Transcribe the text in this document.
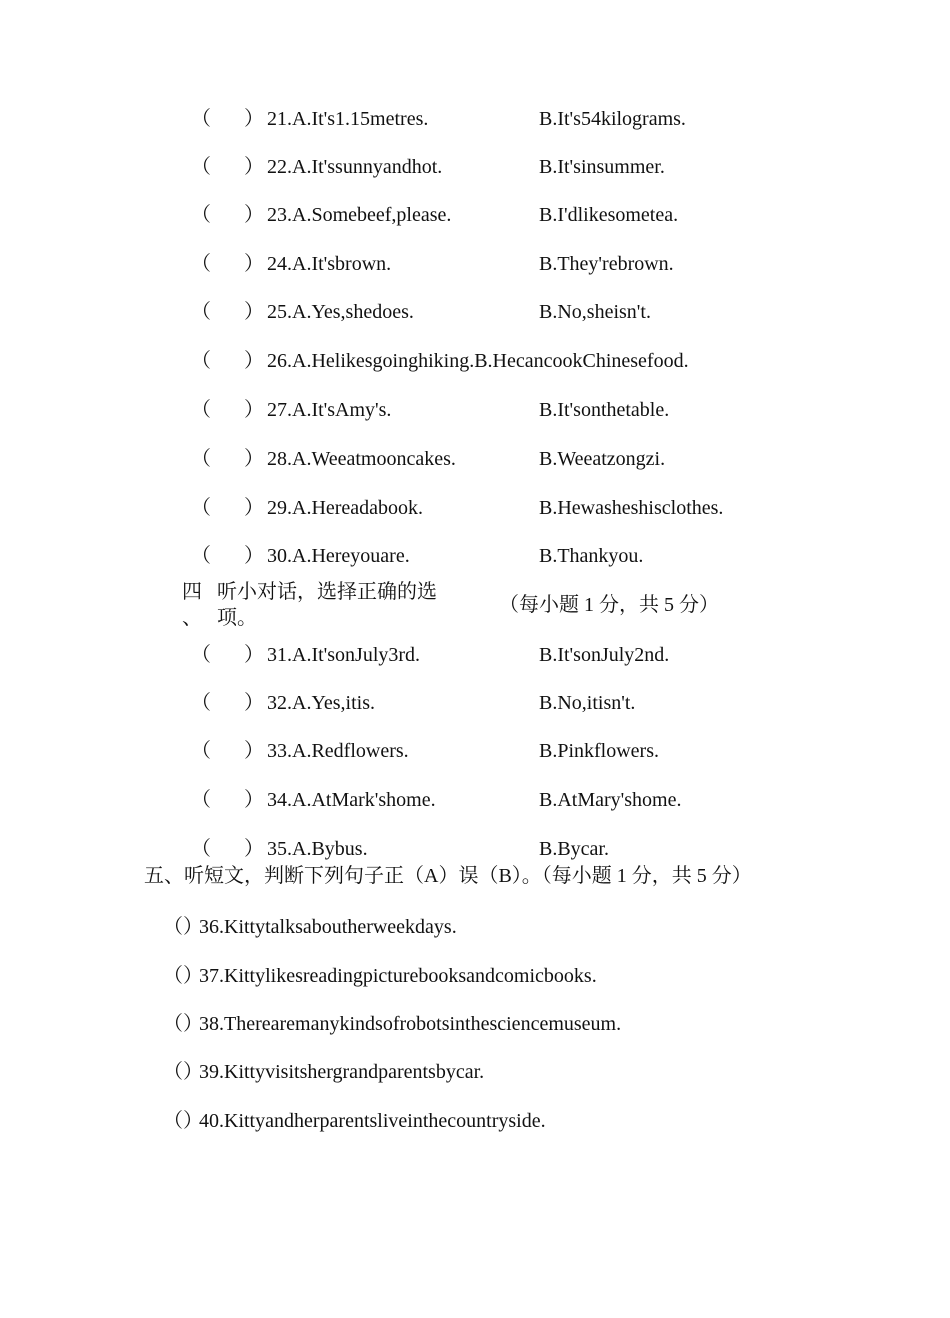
（ ） 21.A.It's1.15metres.	B.It's54kilograms.
（ ） 22.A.It'ssunnyandhot.	B.It'sinsummer.
（ ） 23.A.Somebeef,please.	B.I'dlikesometea.
（ ） 24.A.It'sbrown.	B.They'rebrown.
（ ） 25.A.Yes,shedoes.	B.No,sheisn't.
（ ） 26.A.Helikesgoinghiking.B.HecancookChinesefood.
（ ） 27.A.It'sAmy's.	B.It'sonthetable.
（ ） 28.A.Weeatmooncakes.	B.Weeatzongzi.
（ ） 29.A.Hereadabook.	B.Hewasheshisclothes.
（ ） 30.A.Hereyouare.	B.Thankyou.
四
、
听小对话，选择正确的选
项。
（每小题 1 分，共 5 分）
（ ） 31.A.It'sonJuly3rd.	B.It'sonJuly2nd.
（ ） 32.A.Yes,itis.	B.No,itisn't.
（ ） 33.A.Redflowers.	B.Pinkflowers.
（ ） 34.A.AtMark'shome.	B.AtMary'shome.
（ ） 35.A.Bybus.	B.Bycar.
五、听短文，判断下列句子正（A）误（B）。（每小题 1 分，共 5 分）
（）
36.Kittytalksaboutherweekdays.
（）
37.Kittylikesreadingpicturebooksandcomicbooks.
（）
38.Therearemanykindsofrobotsinthesciencemuseum.
（）
39.Kittyvisitshergrandparentsbycar.
（）
40.Kittyandherparentsliveinthecountryside.
